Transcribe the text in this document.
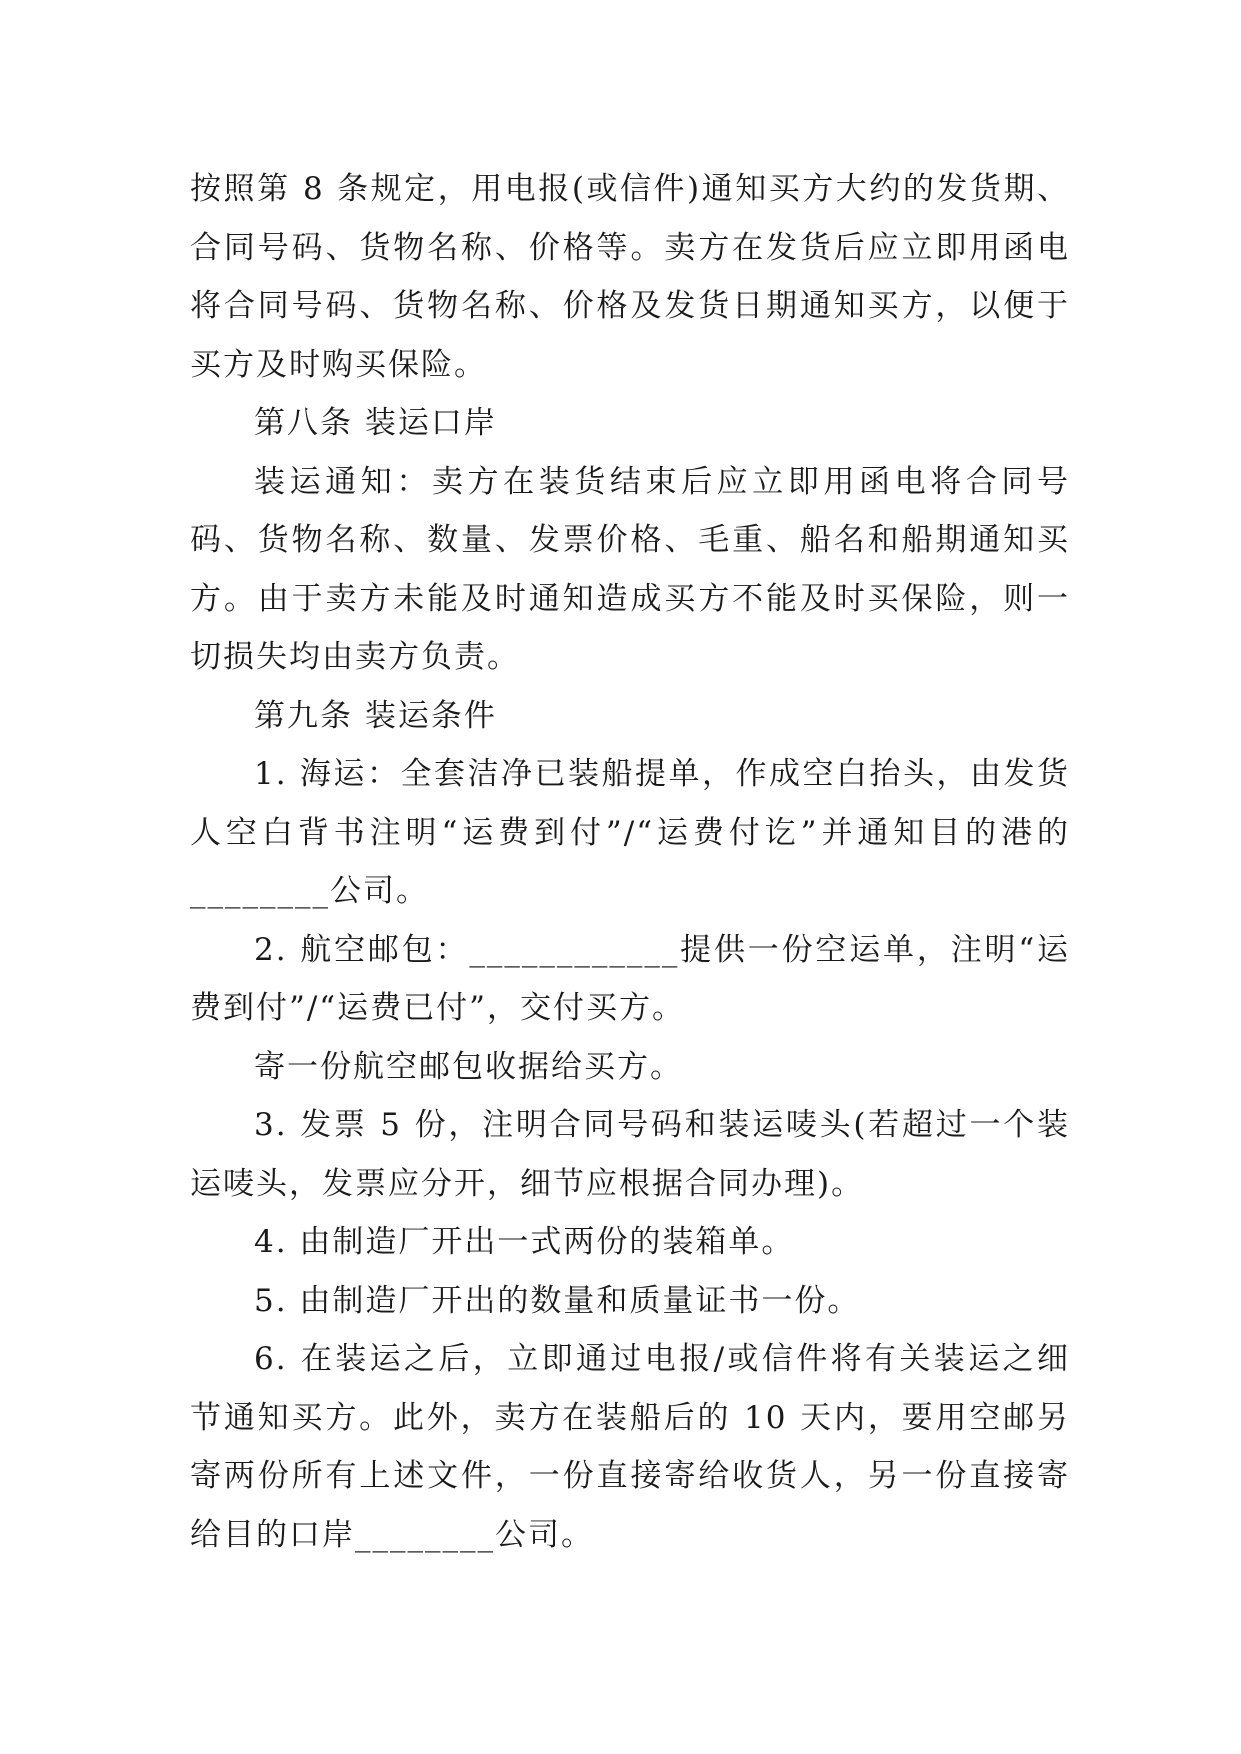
按照第 8 条规定，用电报(或信件)通知买方大约的发货期、合同号码、货物名称、价格等。卖方在发货后应立即用函电将合同号码、货物名称、价格及发货日期通知买方，以便于买方及时购买保险。

第八条 装运口岸

装运通知：卖方在装货结束后应立即用函电将合同号码、货物名称、数量、发票价格、毛重、船名和船期通知买方。由于卖方未能及时通知造成买方不能及时买保险，则一切损失均由卖方负责。

第九条 装运条件

1. 海运：全套洁净已装船提单，作成空白抬头，由发货人空白背书注明“运费到付”/“运费付讫”并通知目的港的________公司。

2. 航空邮包：____________提供一份空运单，注明“运费到付”/“运费已付”，交付买方。

寄一份航空邮包收据给买方。

3. 发票 5 份，注明合同号码和装运唛头(若超过一个装运唛头，发票应分开，细节应根据合同办理)。

4. 由制造厂开出一式两份的装箱单。

5. 由制造厂开出的数量和质量证书一份。

6. 在装运之后，立即通过电报/或信件将有关装运之细节通知买方。此外，卖方在装船后的 10 天内，要用空邮另寄两份所有上述文件，一份直接寄给收货人，另一份直接寄给目的口岸________公司。
